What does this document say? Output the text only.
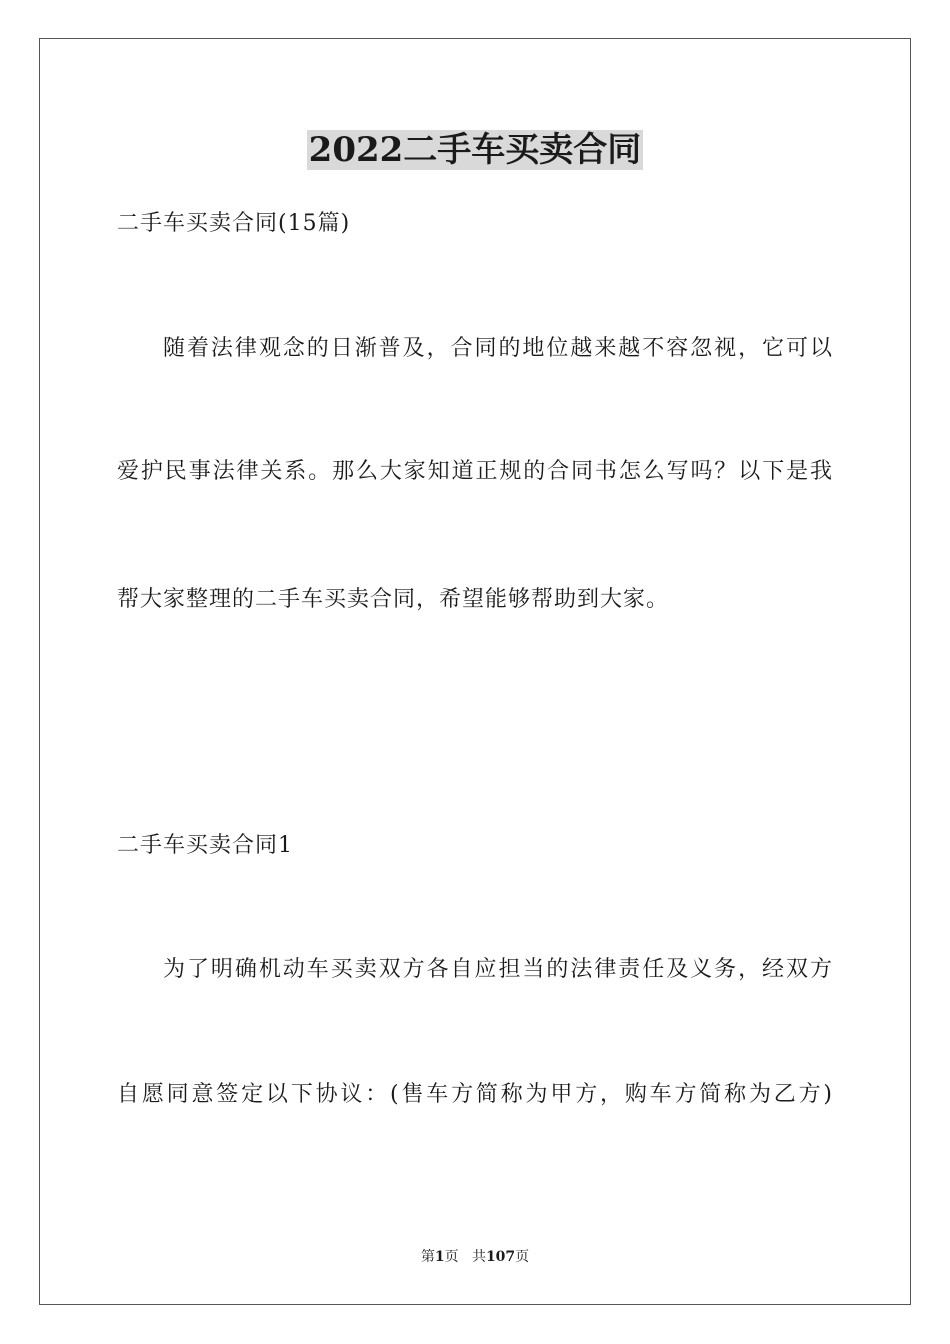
2022二手车买卖合同
二手车买卖合同(15篇)
随着法律观念的日渐普及，合同的地位越来越不容忽视，它可以
爱护民事法律关系。那么大家知道正规的合同书怎么写吗？以下是我
帮大家整理的二手车买卖合同，希望能够帮助到大家。
二手车买卖合同1
为了明确机动车买卖双方各自应担当的法律责任及义务，经双方
自愿同意签定以下协议：(售车方简称为甲方，购车方简称为乙方)
第1页 共107页
